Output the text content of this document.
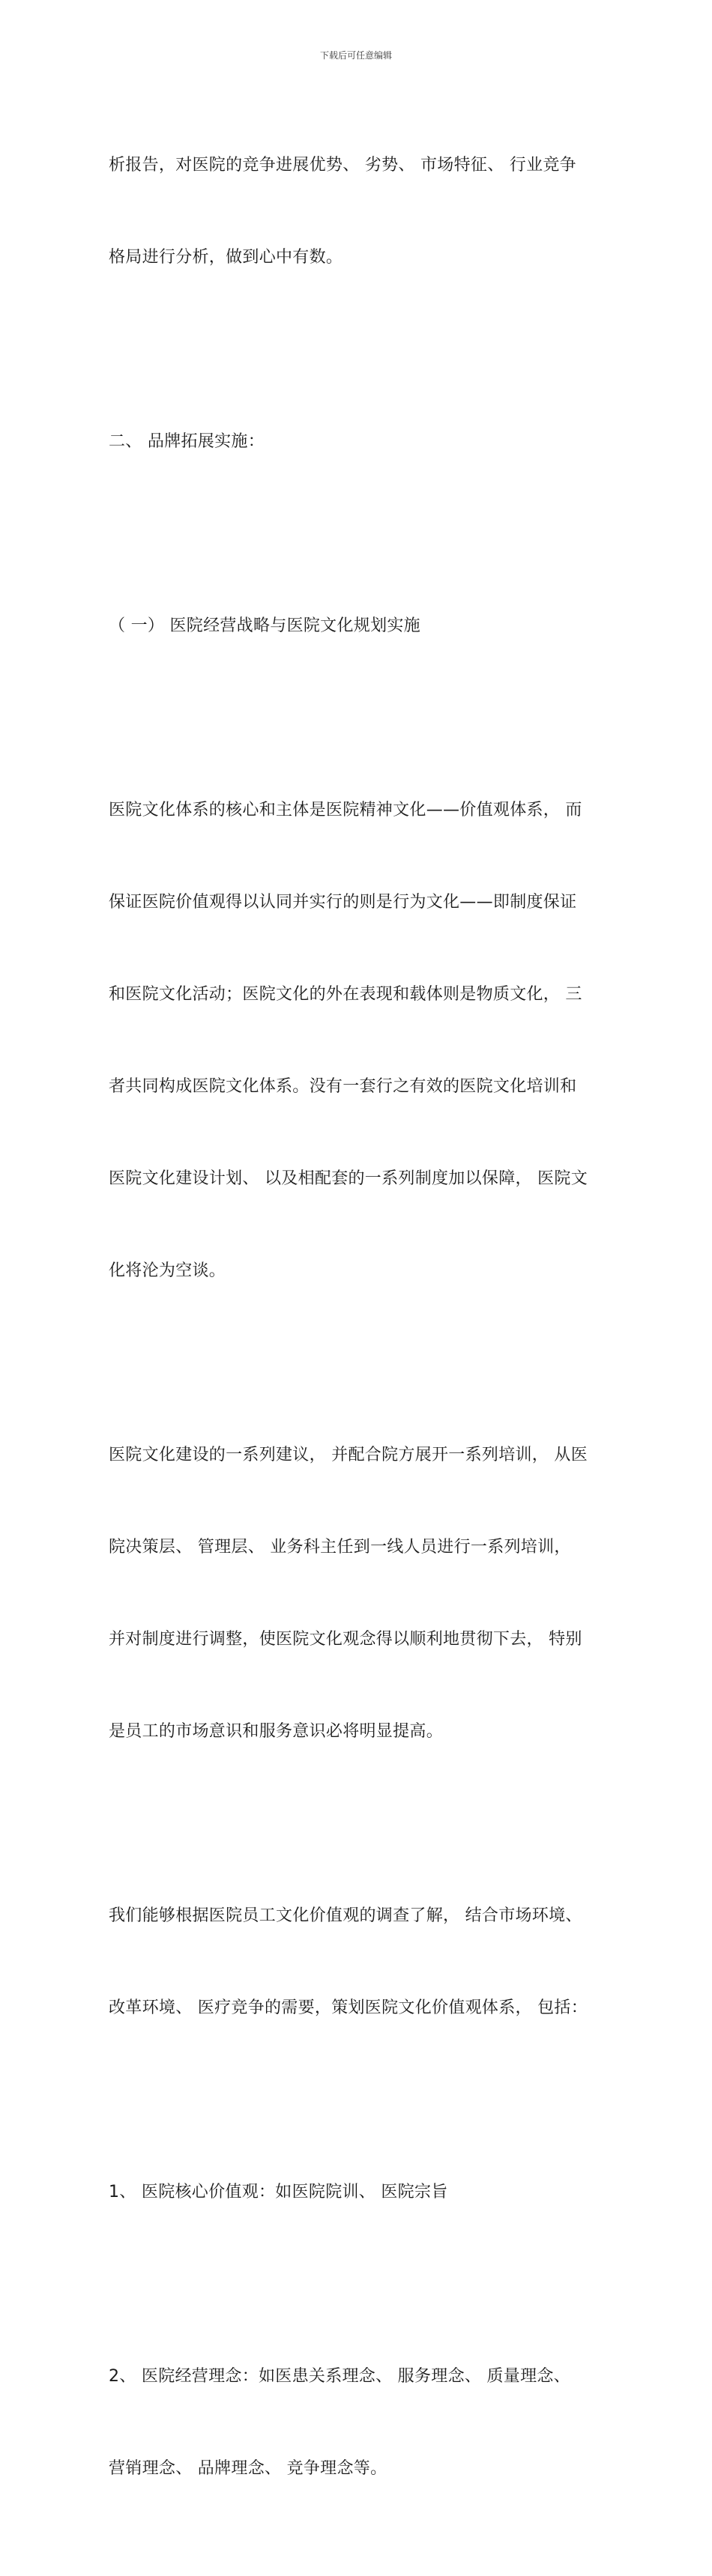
下载后可任意编辑

析报告，对医院的竞争进展优势、 劣势、 市场特征、 行业竞争

格局进行分析，做到心中有数。

二、 品牌拓展实施：

（ 一） 医院经营战略与医院文化规划实施

医院文化体系的核心和主体是医院精神文化——价值观体系， 而

保证医院价值观得以认同并实行的则是行为文化——即制度保证

和医院文化活动；医院文化的外在表现和载体则是物质文化， 三

者共同构成医院文化体系。没有一套行之有效的医院文化培训和

医院文化建设计划、 以及相配套的一系列制度加以保障， 医院文

化将沦为空谈。

医院文化建设的一系列建议， 并配合院方展开一系列培训， 从医

院决策层、 管理层、 业务科主任到一线人员进行一系列培训，

并对制度进行调整，使医院文化观念得以顺利地贯彻下去， 特别

是员工的市场意识和服务意识必将明显提高。

我们能够根据医院员工文化价值观的调查了解， 结合市场环境、

改革环境、 医疗竞争的需要，策划医院文化价值观体系， 包括：

1、 医院核心价值观：如医院院训、 医院宗旨

2、 医院经营理念：如医患关系理念、 服务理念、 质量理念、

营销理念、 品牌理念、 竞争理念等。
